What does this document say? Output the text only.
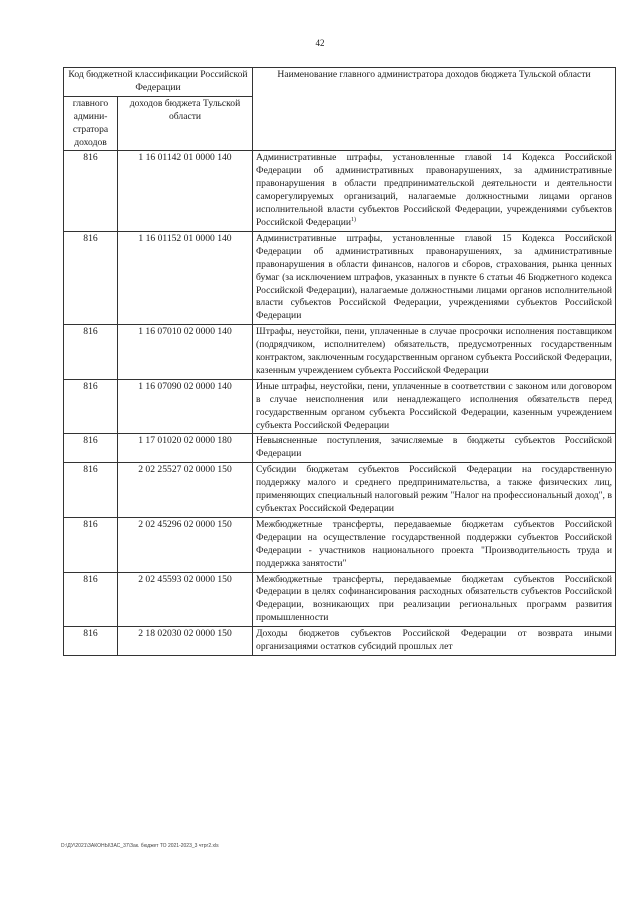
42
Код бюджетной классификации Российской Федерации		Наименование главного администратора доходов бюджета Тульской области
главного админи-стратора доходов	доходов бюджета Тульской области	
816	1 16 01142 01 0000 140	Административные штрафы, установленные главой 14 Кодекса Российской Федерации об административных правонарушениях, за административные правонарушения в области предпринимательской деятельности и деятельности саморегулируемых организаций, налагаемые должностными лицами органов исполнительной власти субъектов Российской Федерации, учреждениями субъектов Российской Федерации$^{1)}$
816	1 16 01152 01 0000 140	Административные штрафы, установленные главой 15 Кодекса Российской Федерации об административных правонарушениях, за административные правонарушения в области финансов, налогов и сборов, страхования, рынка ценных бумаг (за исключением штрафов, указанных в пункте 6 статьи 46 Бюджетного кодекса Российской Федерации), налагаемые должностными лицами органов исполнительной власти субъектов Российской Федерации, учреждениями субъектов Российской Федерации
816	1 16 07010 02 0000 140	Штрафы, неустойки, пени, уплаченные в случае просрочки исполнения поставщиком (подрядчиком, исполнителем) обязательств, предусмотренных государственным контрактом, заключенным государственным органом субъекта Российской Федерации, казенным учреждением субъекта Российской Федерации
816	1 16 07090 02 0000 140	Иные штрафы, неустойки, пени, уплаченные в соответствии с законом или договором в случае неисполнения или ненадлежащего исполнения обязательств перед государственным органом субъекта Российской Федерации, казенным учреждением субъекта Российской Федерации
816	1 17 01020 02 0000 180	Невыясненные поступления, зачисляемые в бюджеты субъектов Российской Федерации
816	2 02 25527 02 0000 150	Субсидии бюджетам субъектов Российской Федерации на государственную поддержку малого и среднего предпринимательства, а также физических лиц, применяющих специальный налоговый режим "Налог на профессиональный доход", в субъектах Российской Федерации
816	2 02 45296 02 0000 150	Межбюджетные трансферты, передаваемые бюджетам субъектов Российской Федерации на осуществление государственной поддержки субъектов Российской Федерации - участников национального проекта "Производительность труда и поддержка занятости"
816	2 02 45593 02 0000 150	Межбюджетные трансферты, передаваемые бюджетам субъектов Российской Федерации в целях софинансирования расходных обязательств субъектов Российской Федерации, возникающих при реализации региональных программ развития промышленности
816	2 18 02030 02 0000 150	Доходы бюджетов субъектов Российской Федерации от возврата иными организациями остатков субсидий прошлых лет
D:\ДУ\2021\ЗАКОНЫ\ЗАС_37\Зак. бюджет ТО 2021-2023_3 чтрг2.xls
